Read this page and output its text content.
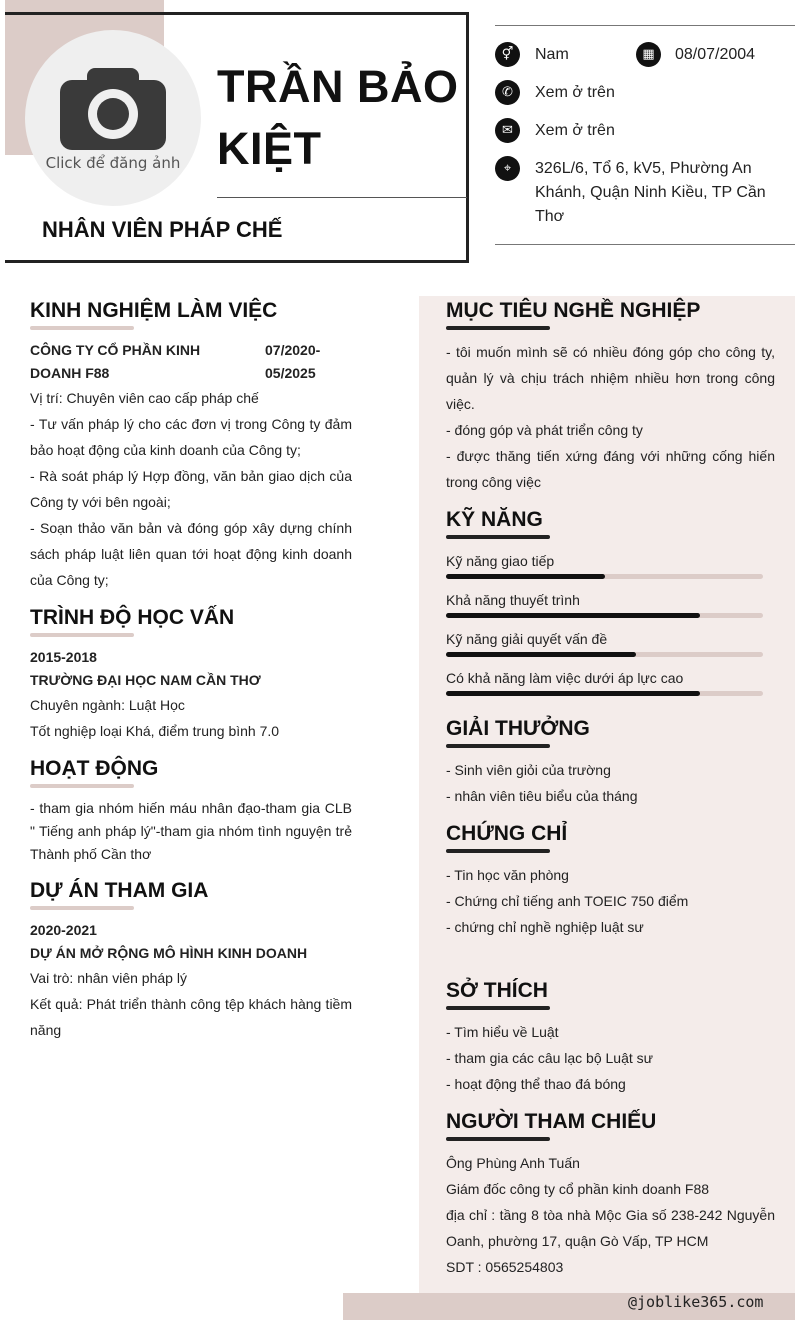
Click để đăng ảnh
TRẦN BẢO KIỆT
NHÂN VIÊN PHÁP CHẾ
⚥	Nam	▦	08/07/2004
✆	Xem ở trên
✉	Xem ở trên
⌖	326L/6, Tổ 6, kV5, Phường An Khánh, Quận Ninh Kiều, TP Cần Thơ
KINH NGHIỆM LÀM VIỆC
CÔNG TY CỔ PHẦN KINH DOANH F88
07/2020- 05/2025
Vị trí: Chuyên viên cao cấp pháp chế
- Tư vấn pháp lý cho các đơn vị trong Công ty đảm bảo hoạt động của kinh doanh của Công ty;
- Rà soát pháp lý Hợp đồng, văn bản giao dịch của Công ty với bên ngoài;
- Soạn thảo văn bản và đóng góp xây dựng chính sách pháp luật liên quan tới hoạt động kinh doanh của Công ty;
TRÌNH ĐỘ HỌC VẤN
2015-2018
TRƯỜNG ĐẠI HỌC NAM CẦN THƠ
Chuyên ngành: Luật Học
Tốt nghiệp loại Khá, điểm trung bình 7.0
HOẠT ĐỘNG
- tham gia nhóm hiến máu nhân đạo-tham gia CLB " Tiếng anh pháp lý"-tham gia nhóm tình nguyện trẻ Thành phố Cần thơ
DỰ ÁN THAM GIA
2020-2021
DỰ ÁN MỞ RỘNG MÔ HÌNH KINH DOANH
Vai trò: nhân viên pháp lý
Kết quả: Phát triển thành công tệp khách hàng tiềm năng
MỤC TIÊU NGHỀ NGHIỆP
- tôi muốn mình sẽ có nhiều đóng góp cho công ty, quản lý và chịu trách nhiệm nhiều hơn trong công việc.
- đóng góp và phát triển công ty
- được thăng tiến xứng đáng với những cống hiến trong công việc
KỸ NĂNG
Kỹ năng giao tiếp
Khả năng thuyết trình
Kỹ năng giải quyết vấn đề
Có khả năng làm việc dưới áp lực cao
GIẢI THƯỞNG
- Sinh viên giỏi của trường
- nhân viên tiêu biểu của tháng
CHỨNG CHỈ
- Tin học văn phòng
- Chứng chỉ tiếng anh TOEIC 750 điểm
- chứng chỉ nghề nghiệp luật sư
SỞ THÍCH
- Tìm hiểu về Luật
- tham gia các câu lạc bộ Luật sư
- hoạt động thể thao đá bóng
NGƯỜI THAM CHIẾU
Ông Phùng Anh Tuấn
Giám đốc công ty cổ phần kinh doanh F88
địa chỉ : tầng 8 tòa nhà Mộc Gia số 238-242 Nguyễn Oanh, phường 17, quận Gò Vấp, TP HCM
SDT : 0565254803
@joblike365.com
